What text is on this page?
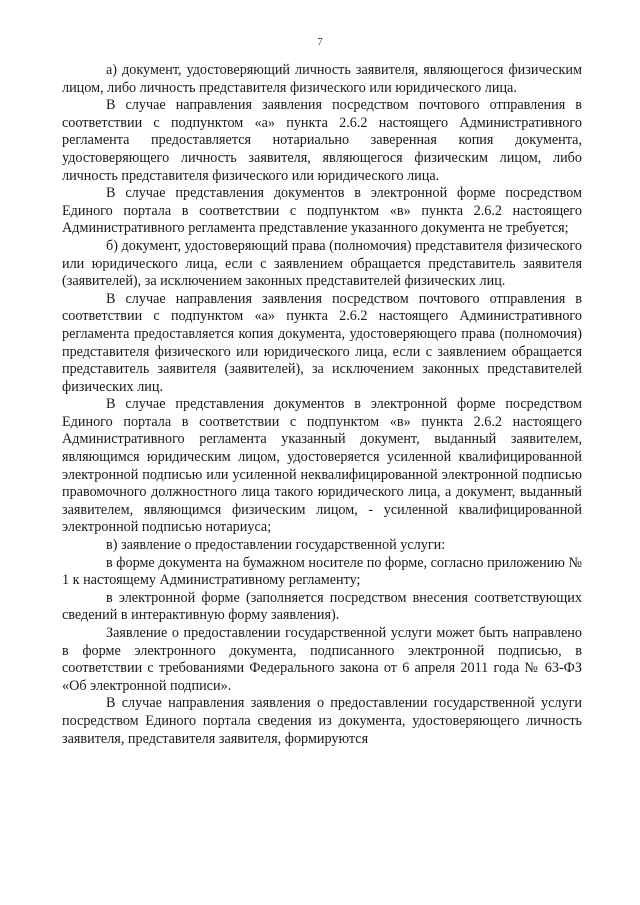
7

а) документ, удостоверяющий личность заявителя, являющегося физическим лицом, либо личность представителя физического или юридического лица.

В случае направления заявления посредством почтового отправления в соответствии с подпунктом «а» пункта 2.6.2 настоящего Административного регламента предоставляется нотариально заверенная копия документа, удостоверяющего личность заявителя, являющегося физическим лицом, либо личность представителя физического или юридического лица.

В случае представления документов в электронной форме посредством Единого портала в соответствии с подпунктом «в» пункта 2.6.2 настоящего Административного регламента представление указанного документа не требуется;

б) документ, удостоверяющий права (полномочия) представителя физического или юридического лица, если с заявлением обращается представитель заявителя (заявителей), за исключением законных представителей физических лиц.

В случае направления заявления посредством почтового отправления в соответствии с подпунктом «а» пункта 2.6.2 настоящего Административного регламента предоставляется копия документа, удостоверяющего права (полномочия) представителя физического или юридического лица, если с заявлением обращается представитель заявителя (заявителей), за исключением законных представителей физических лиц.

В случае представления документов в электронной форме посредством Единого портала в соответствии с подпунктом «в» пункта 2.6.2 настоящего Административного регламента указанный документ, выданный заявителем, являющимся юридическим лицом, удостоверяется усиленной квалифицированной электронной подписью или усиленной неквалифицированной электронной подписью правомочного должностного лица такого юридического лица, а документ, выданный заявителем, являющимся физическим лицом, - усиленной квалифицированной электронной подписью нотариуса;

в) заявление о предоставлении государственной услуги:

в форме документа на бумажном носителе по форме, согласно приложению № 1 к настоящему Административному регламенту;

в электронной форме (заполняется посредством внесения соответствующих сведений в интерактивную форму заявления).

Заявление о предоставлении государственной услуги может быть направлено в форме электронного документа, подписанного электронной подписью, в соответствии с требованиями Федерального закона от 6 апреля 2011 года № 63-ФЗ «Об электронной подписи».

В случае направления заявления о предоставлении государственной услуги посредством Единого портала сведения из документа, удостоверяющего личность заявителя, представителя заявителя, формируются
